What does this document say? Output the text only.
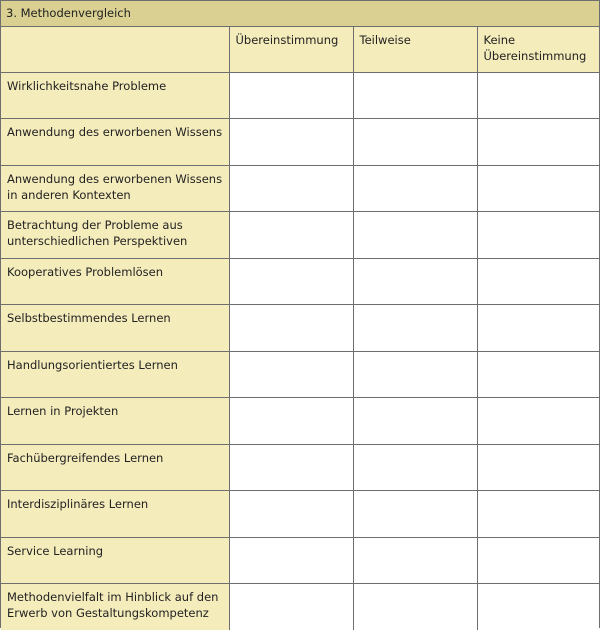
3. Methodenvergleich
	Übereinstimmung	Teilweise	Keine Übereinstimmung
Wirklichkeitsnahe Probleme			
Anwendung des erworbenen Wissens			
Anwendung des erworbenen Wissens in anderen Kontexten			
Betrachtung der Probleme aus unterschiedlichen Perspektiven			
Kooperatives Problemlösen			
Selbstbestimmendes Lernen			
Handlungsorientiertes Lernen			
Lernen in Projekten			
Fachübergreifendes Lernen			
Interdisziplinäres Lernen			
Service Learning			
Methodenvielfalt im Hinblick auf den Erwerb von Gestaltungskompetenz			
